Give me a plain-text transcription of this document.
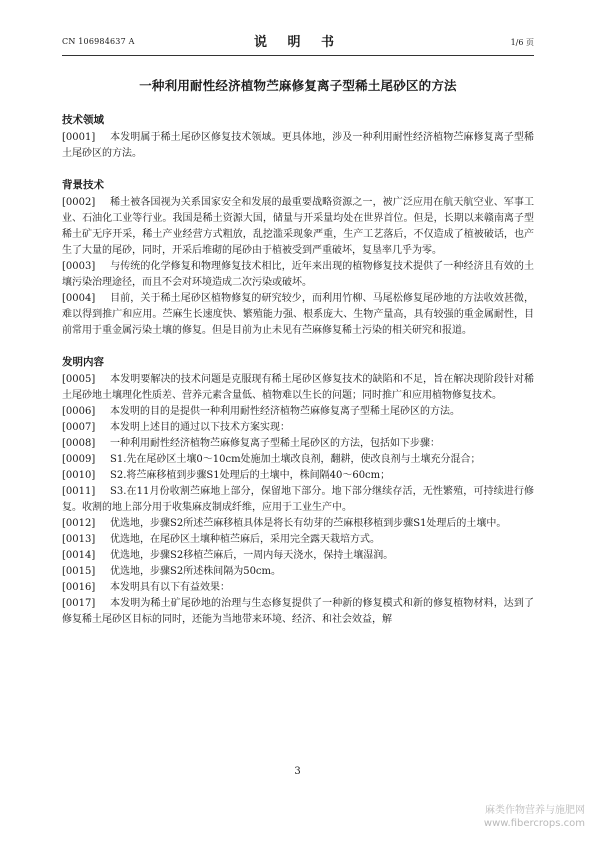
CN 106984637 A	说 明 书	1/6 页
一种利用耐性经济植物苎麻修复离子型稀土尾砂区的方法
技术领域

[0001] 本发明属于稀土尾砂区修复技术领域。更具体地，涉及一种利用耐性经济植物苎麻修复离子型稀土尾砂区的方法。

背景技术

[0002] 稀土被各国视为关系国家安全和发展的最重要战略资源之一，被广泛应用在航天航空业、军事工业、石油化工业等行业。我国是稀土资源大国，储量与开采量均处在世界首位。但是，长期以来赣南离子型稀土矿无序开采，稀土产业经营方式粗放，乱挖滥采现象严重，生产工艺落后，不仅造成了植被破话，也产生了大量的尾砂，同时，开采后堆砌的尾砂由于植被受到严重破坏，复垦率几乎为零。

[0003] 与传统的化学修复和物理修复技术相比，近年来出现的植物修复技术提供了一种经济且有效的土壤污染治理途径，而且不会对环境造成二次污染或破坏。

[0004] 目前，关于稀土尾砂区植物修复的研究较少，而利用竹柳、马尾松修复尾砂地的方法收效甚微，难以得到推广和应用。苎麻生长速度快、繁殖能力强、根系庞大、生物产量高，具有较强的重金属耐性，目前常用于重金属污染土壤的修复。但是目前为止未见有苎麻修复稀土污染的相关研究和报道。

发明内容

[0005] 本发明要解决的技术问题是克服现有稀土尾砂区修复技术的缺陷和不足，旨在解决现阶段针对稀土尾砂地土壤理化性质差、营养元素含量低、植物难以生长的问题；同时推广和应用植物修复技术。

[0006] 本发明的目的是提供一种利用耐性经济植物苎麻修复离子型稀土尾砂区的方法。

[0007] 本发明上述目的通过以下技术方案实现：

[0008] 一种利用耐性经济植物苎麻修复离子型稀土尾砂区的方法，包括如下步骤：

[0009] S1.先在尾砂区土壤0～10cm处施加土壤改良剂，翻耕，使改良剂与土壤充分混合；

[0010] S2.将苎麻移植到步骤S1处理后的土壤中，株间隔40～60cm；

[0011] S3.在11月份收割苎麻地上部分，保留地下部分。地下部分继续存活，无性繁殖，可持续进行修复。收割的地上部分用于收集麻皮制成纤维，应用于工业生产中。

[0012] 优选地，步骤S2所述苎麻移植具体是将长有幼芽的苎麻根移植到步骤S1处理后的土壤中。

[0013] 优选地，在尾砂区土壤种植苎麻后，采用完全露天栽培方式。

[0014] 优选地，步骤S2移植苎麻后，一周内每天浇水，保持土壤湿润。

[0015] 优选地，步骤S2所述株间隔为50cm。

[0016] 本发明具有以下有益效果：

[0017] 本发明为稀土矿尾砂地的治理与生态修复提供了一种新的修复模式和新的修复植物材料，达到了修复稀土尾砂区目标的同时，还能为当地带来环境、经济、和社会效益，解

3
麻类作物营养与施肥网
www.fibercrops.com
